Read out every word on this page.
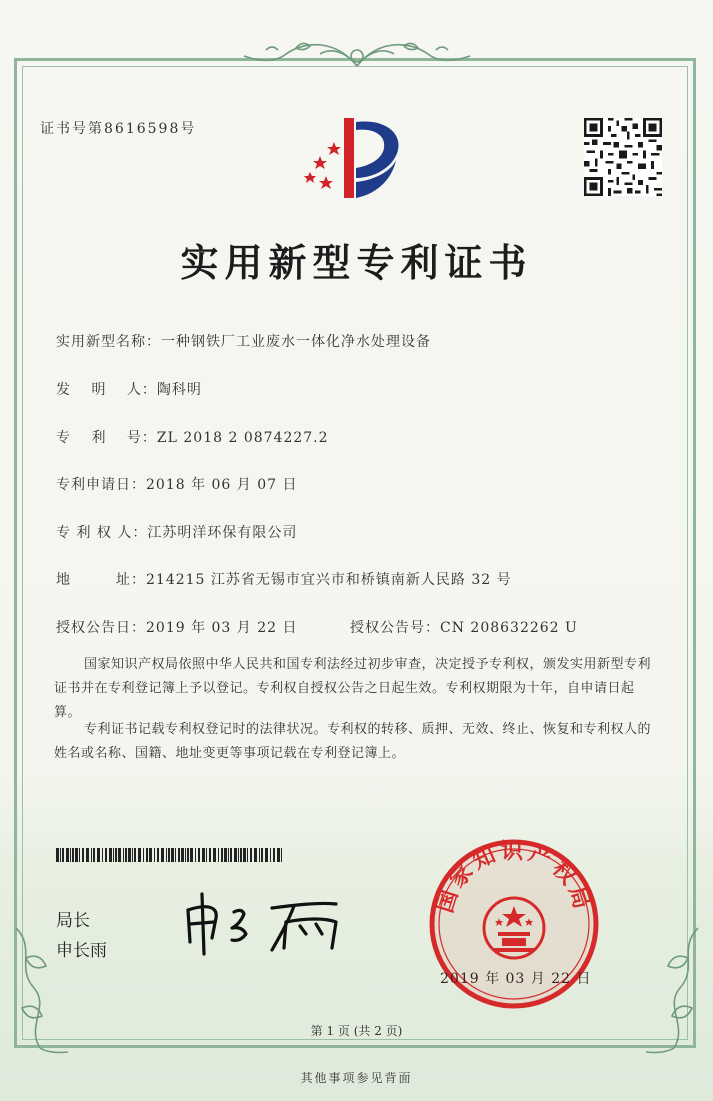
证书号第8616598号
实用新型专利证书
实用新型名称：一种钢铁厂工业废水一体化净水处理设备
发　 明　 人：陶科明
专　 利　 号：ZL 2018 2 0874227.2
专利申请日：2018 年 06 月 07 日
专 利 权 人：江苏明洋环保有限公司
地　　　址：214215 江苏省无锡市宜兴市和桥镇南新人民路 32 号
授权公告日：2019 年 03 月 22 日	授权公告号：CN 208632262 U
国家知识产权局依照中华人民共和国专利法经过初步审查，决定授予专利权，颁发实用新型专利证书并在专利登记簿上予以登记。专利权自授权公告之日起生效。专利权期限为十年，自申请日起算。
专利证书记载专利权登记时的法律状况。专利权的转移、质押、无效、终止、恢复和专利权人的姓名或名称、国籍、地址变更等事项记载在专利登记簿上。
局长
申长雨
国家知识产权局
2019 年 03 月 22 日
第 1 页 (共 2 页)
其他事项参见背面
